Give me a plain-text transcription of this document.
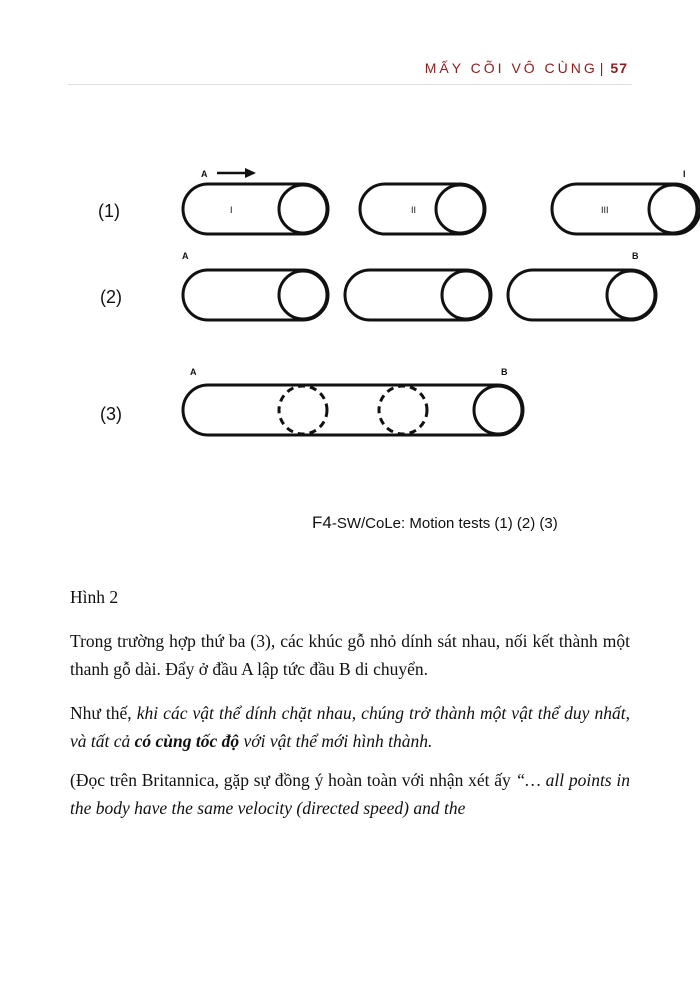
MẤY CÕI VÔ CÙNG | 57
(1)
(2)
(3)
A	I
A	B
A	B
I	II	III
F4-SW/CoLe: Motion tests (1) (2) (3)
Hình 2

Trong trường hợp thứ ba (3), các khúc gỗ nhỏ dính sát nhau, nối kết thành một thanh gỗ dài. Đẩy ở đầu A lập tức đầu B di chuyển.

Như thế, khi các vật thể dính chặt nhau, chúng trở thành một vật thể duy nhất, và tất cả có cùng tốc độ với vật thể mới hình thành.

(Đọc trên Britannica, gặp sự đồng ý hoàn toàn với nhận xét ấy “… all points in the body have the same velocity (directed speed) and the
